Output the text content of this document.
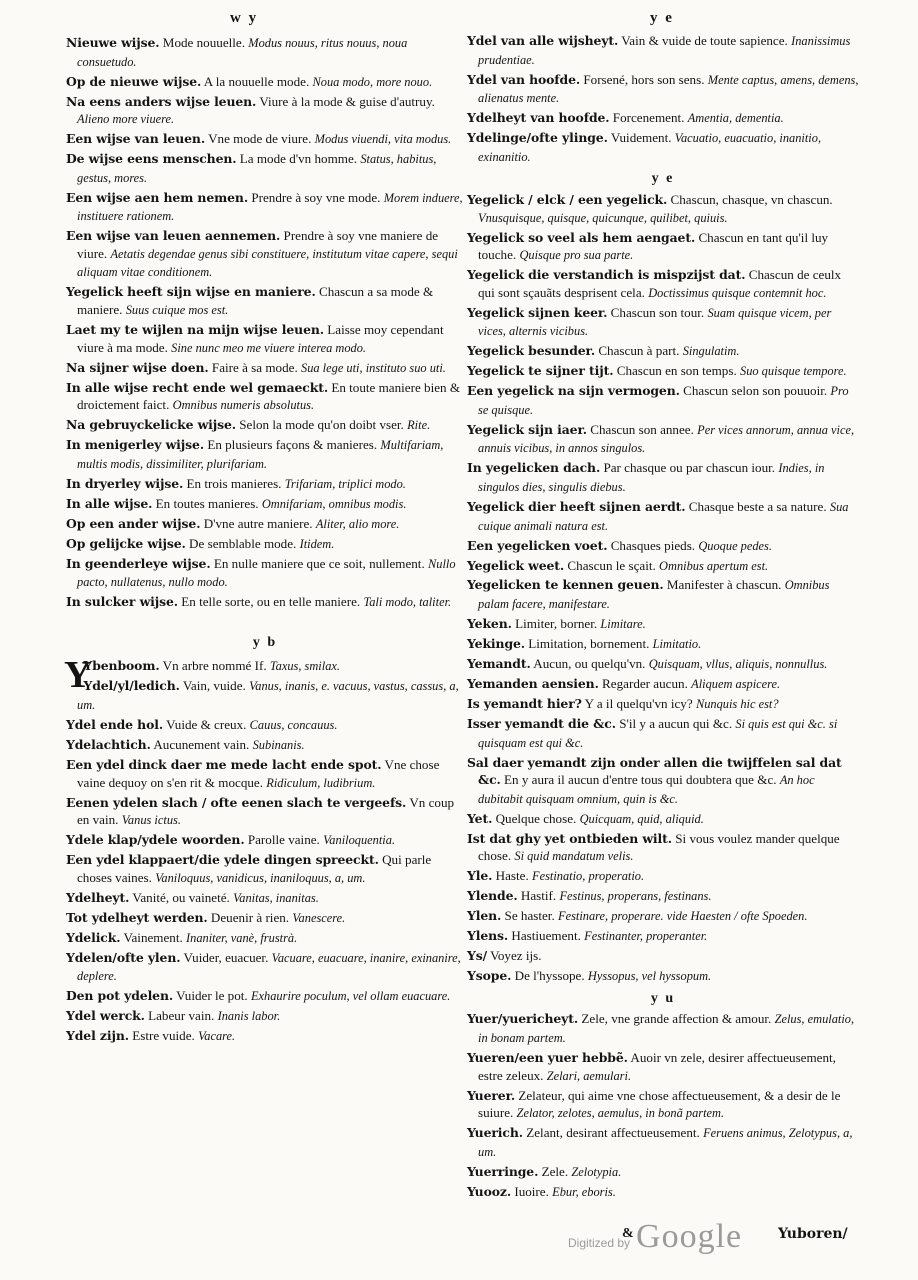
w y	y e
Nieuwe wijse. Mode nouuelle. Modus nouus, ritus nouus, noua consuetudo.
Op de nieuwe wijse. A la nouuelle mode. Noua modo, more nouo.
Na eens anders wijse leuen. Viure à la mode & guise d'autruy. Alieno more viuere.
Een wijse van leuen. Vne mode de viure. Modus viuendi, vita modus.
De wijse eens menschen. La mode d'vn homme. Status, habitus, gestus, mores.
Een wijse aen hem nemen. Prendre à soy vne mode. Morem induere, instituere rationem.
Een wijse van leuen aennemen. Prendre à soy vne maniere de viure. Aetatis degendae genus sibi constituere, institutum vitae capere, sequi aliquam vitae conditionem.
Yegelick heeft sijn wijse en maniere. Chascun a sa mode & maniere. Suus cuique mos est.
Laet my te wijlen na mijn wijse leuen. Laisse moy cependant viure à ma mode. Sine nunc meo me viuere interea modo.
Na sijner wijse doen. Faire à sa mode. Sua lege uti, instituto suo uti.
In alle wijse recht ende wel gemaeckt. En toute maniere bien & droictement faict. Omnibus numeris absolutus.
Na gebruyckelicke wijse. Selon la mode qu'on doibt vser. Rite.
In menigerley wijse. En plusieurs façons & manieres. Multifariam, multis modis, dissimiliter, plurifariam.
In dryerley wijse. En trois manieres. Trifariam, triplici modo.
In alle wijse. En toutes manieres. Omnifariam, omnibus modis.
Op een ander wijse. D'vne autre maniere. Aliter, alio more.
Op gelijcke wijse. De semblable mode. Itidem.
In geenderleye wijse. En nulle maniere que ce soit, nullement. Nullo pacto, nullatenus, nullo modo.
In sulcker wijse. En telle sorte, ou en telle maniere. Tali modo, taliter.
y b
Y
Ybenboom. Vn arbre nommé If. Taxus, smilax.
Ydel/yl/ledich. Vain, vuide. Vanus, inanis, e. vacuus, vastus, cassus, a, um.
Ydel ende hol. Vuide & creux. Cauus, concauus.
Ydelachtich. Aucunement vain. Subinanis.
Een ydel dinck daer me mede lacht ende spot. Vne chose vaine dequoy on s'en rit & mocque. Ridiculum, ludibrium.
Eenen ydelen slach / ofte eenen slach te vergeefs. Vn coup en vain. Vanus ictus.
Ydele klap/ydele woorden. Parolle vaine. Vaniloquentia.
Een ydel klappaert/die ydele dingen spreeckt. Qui parle choses vaines. Vaniloquus, vanidicus, inaniloquus, a, um.
Ydelheyt. Vanité, ou vaineté. Vanitas, inanitas.
Tot ydelheyt werden. Deuenir à rien. Vanescere.
Ydelick. Vainement. Inaniter, vanè, frustrà.
Ydelen/ofte ylen. Vuider, euacuer. Vacuare, euacuare, inanire, exinanire, deplere.
Den pot ydelen. Vuider le pot. Exhaurire poculum, vel ollam euacuare.
Ydel werck. Labeur vain. Inanis labor.
Ydel zijn. Estre vuide. Vacare.
Ydel van alle wijsheyt. Vain & vuide de toute sapience. Inanissimus prudentiae.
Ydel van hoofde. Forsené, hors son sens. Mente captus, amens, demens, alienatus mente.
Ydelheyt van hoofde. Forcenement. Amentia, dementia.
Ydelinge/ofte ylinge. Vuidement. Vacuatio, euacuatio, inanitio, exinanitio.
y e
Yegelick / elck / een yegelick. Chascun, chasque, vn chascun. Vnusquisque, quisque, quicunque, quilibet, quiuis.
Yegelick so veel als hem aengaet. Chascun en tant qu'il luy touche. Quisque pro sua parte.
Yegelick die verstandich is mispzijst dat. Chascun de ceulx qui sont sçauãts desprisent cela. Doctissimus quisque contemnit hoc.
Yegelick sijnen keer. Chascun son tour. Suam quisque vicem, per vices, alternis vicibus.
Yegelick besunder. Chascun à part. Singulatim.
Yegelick te sijner tijt. Chascun en son temps. Suo quisque tempore.
Een yegelick na sijn vermogen. Chascun selon son pouuoir. Pro se quisque.
Yegelick sijn iaer. Chascun son annee. Per vices annorum, annua vice, annuis vicibus, in annos singulos.
In yegelicken dach. Par chasque ou par chascun iour. Indies, in singulos dies, singulis diebus.
Yegelick dier heeft sijnen aerdt. Chasque beste a sa nature. Sua cuique animali natura est.
Een yegelicken voet. Chasques pieds. Quoque pedes.
Yegelick weet. Chascun le sçait. Omnibus apertum est.
Yegelicken te kennen geuen. Manifester à chascun. Omnibus palam facere, manifestare.
Yeken. Limiter, borner. Limitare.
Yekinge. Limitation, bornement. Limitatio.
Yemandt. Aucun, ou quelqu'vn. Quisquam, vllus, aliquis, nonnullus.
Yemanden aensien. Regarder aucun. Aliquem aspicere.
Is yemandt hier? Y a il quelqu'vn icy? Nunquis hic est?
Isser yemandt die &c. S'il y a aucun qui &c. Si quis est qui &c. si quisquam est qui &c.
Sal daer yemandt zijn onder allen die twijffelen sal dat &c. En y aura il aucun d'entre tous qui doubtera que &c. An hoc dubitabit quisquam omnium, quin is &c.
Yet. Quelque chose. Quicquam, quid, aliquid.
Ist dat ghy yet ontbieden wilt. Si vous voulez mander quelque chose. Si quid mandatum velis.
Yle. Haste. Festinatio, properatio.
Ylende. Hastif. Festinus, properans, festinans.
Ylen. Se haster. Festinare, properare. vide Haesten / ofte Spoeden.
Ylens. Hastiuement. Festinanter, properanter.
Ys/ Voyez ijs.
Ysope. De l'hyssope. Hyssopus, vel hyssopum.
y u
Yuer/yuericheyt. Zele, vne grande affection & amour. Zelus, emulatio, in bonam partem.
Yueren/een yuer hebbẽ. Auoir vn zele, desirer affectueusement, estre zeleux. Zelari, aemulari.
Yuerer. Zelateur, qui aime vne chose affectueusement, & a desir de le suiure. Zelator, zelotes, aemulus, in bonã partem.
Yuerich. Zelant, desirant affectueusement. Feruens animus, Zelotypus, a, um.
Yuerringe. Zele. Zelotypia.
Yuooz. Iuoire. Ebur, eboris.
&	Yuboren/
Digitized by Google
